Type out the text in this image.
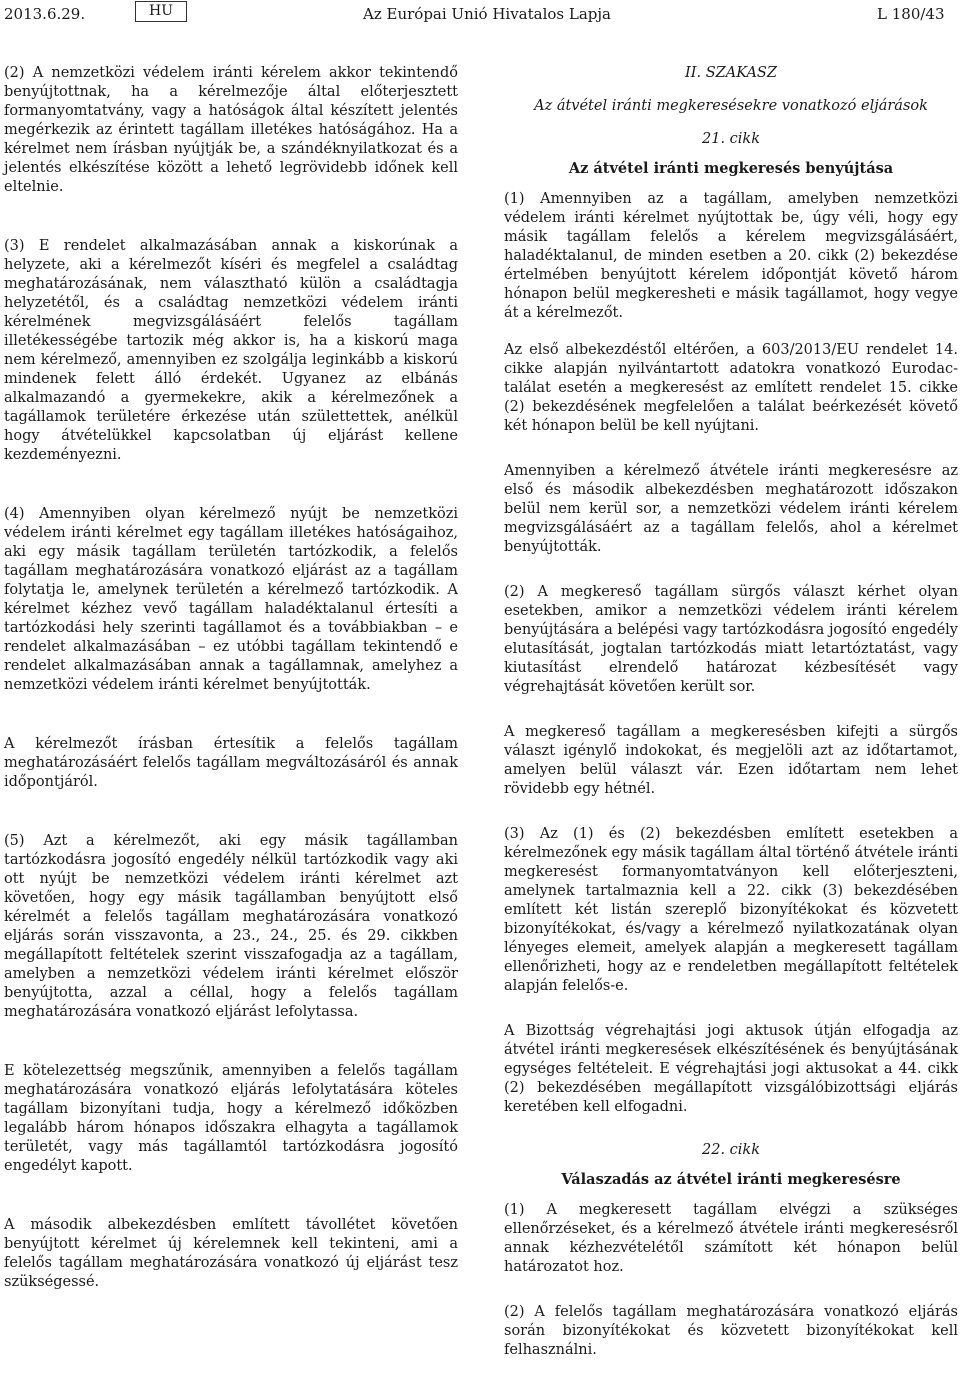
2013.6.29.	HU	Az Európai Unió Hivatalos Lapja	L 180/43

(2) A nemzetközi védelem iránti kérelem akkor tekintendő benyújtottnak, ha a kérelmezője által előterjesztett formanyomtatvány, vagy a hatóságok által készített jelentés megérkezik az érintett tagállam illetékes hatóságához. Ha a kérelmet nem írásban nyújtják be, a szándéknyilatkozat és a jelentés elkészítése között a lehető legrövidebb időnek kell eltelnie.

(3) E rendelet alkalmazásában annak a kiskorúnak a helyzete, aki a kérelmezőt kíséri és megfelel a családtag meghatározásának, nem választható külön a családtagja helyzetétől, és a családtag nemzetközi védelem iránti kérelmének megvizsgálásáért felelős tagállam illetékességébe tartozik még akkor is, ha a kiskorú maga nem kérelmező, amennyiben ez szolgálja leginkább a kiskorú mindenek felett álló érdekét. Ugyanez az elbánás alkalmazandó a gyermekekre, akik a kérelmezőnek a tagállamok területére érkezése után születtettek, anélkül hogy átvételükkel kapcsolatban új eljárást kellene kezdeményezni.

(4) Amennyiben olyan kérelmező nyújt be nemzetközi védelem iránti kérelmet egy tagállam illetékes hatóságaihoz, aki egy másik tagállam területén tartózkodik, a felelős tagállam meghatározására vonatkozó eljárást az a tagállam folytatja le, amelynek területén a kérelmező tartózkodik. A kérelmet kézhez vevő tagállam haladéktalanul értesíti a tartózkodási hely szerinti tagállamot és a továbbiakban – e rendelet alkalmazásában – ez utóbbi tagállam tekintendő e rendelet alkalmazásában annak a tagállamnak, amelyhez a nemzetközi védelem iránti kérelmet benyújtották.

A kérelmezőt írásban értesítik a felelős tagállam meghatározásáért felelős tagállam megváltozásáról és annak időpontjáról.

(5) Azt a kérelmezőt, aki egy másik tagállamban tartózkodásra jogosító engedély nélkül tartózkodik vagy aki ott nyújt be nemzetközi védelem iránti kérelmet azt követően, hogy egy másik tagállamban benyújtott első kérelmét a felelős tagállam meghatározására vonatkozó eljárás során visszavonta, a 23., 24., 25. és 29. cikkben megállapított feltételek szerint visszafogadja az a tagállam, amelyben a nemzetközi védelem iránti kérelmet először benyújtotta, azzal a céllal, hogy a felelős tagállam meghatározására vonatkozó eljárást lefolytassa.

E kötelezettség megszűnik, amennyiben a felelős tagállam meghatározására vonatkozó eljárás lefolytatására köteles tagállam bizonyítani tudja, hogy a kérelmező időközben legalább három hónapos időszakra elhagyta a tagállamok területét, vagy más tagállamtól tartózkodásra jogosító engedélyt kapott.

A második albekezdésben említett távollétet követően benyújtott kérelmet új kérelemnek kell tekinteni, ami a felelős tagállam meghatározására vonatkozó új eljárást tesz szükségessé.

II. SZAKASZ

Az átvétel iránti megkeresésekre vonatkozó eljárások

21. cikk

Az átvétel iránti megkeresés benyújtása

(1) Amennyiben az a tagállam, amelyben nemzetközi védelem iránti kérelmet nyújtottak be, úgy véli, hogy egy másik tagállam felelős a kérelem megvizsgálásáért, haladéktalanul, de minden esetben a 20. cikk (2) bekezdése értelmében benyújtott kérelem időpontját követő három hónapon belül megkeresheti e másik tagállamot, hogy vegye át a kérelmezőt.

Az első albekezdéstől eltérően, a 603/2013/EU rendelet 14. cikke alapján nyilvántartott adatokra vonatkozó Eurodac-találat esetén a megkeresést az említett rendelet 15. cikke (2) bekezdésének megfelelően a találat beérkezését követő két hónapon belül be kell nyújtani.

Amennyiben a kérelmező átvétele iránti megkeresésre az első és második albekezdésben meghatározott időszakon belül nem kerül sor, a nemzetközi védelem iránti kérelem megvizsgálásáért az a tagállam felelős, ahol a kérelmet benyújtották.

(2) A megkereső tagállam sürgős választ kérhet olyan esetekben, amikor a nemzetközi védelem iránti kérelem benyújtására a belépési vagy tartózkodásra jogosító engedély elutasítását, jogtalan tartózkodás miatt letartóztatást, vagy kiutasítást elrendelő határozat kézbesítését vagy végrehajtását követően került sor.

A megkereső tagállam a megkeresésben kifejti a sürgős választ igénylő indokokat, és megjelöli azt az időtartamot, amelyen belül választ vár. Ezen időtartam nem lehet rövidebb egy hétnél.

(3) Az (1) és (2) bekezdésben említett esetekben a kérelmezőnek egy másik tagállam által történő átvétele iránti megkeresést formanyomtatványon kell előterjeszteni, amelynek tartalmaznia kell a 22. cikk (3) bekezdésében említett két listán szereplő bizonyítékokat és közvetett bizonyítékokat, és/vagy a kérelmező nyilatkozatának olyan lényeges elemeit, amelyek alapján a megkeresett tagállam ellenőrizheti, hogy az e rendeletben megállapított feltételek alapján felelős-e.

A Bizottság végrehajtási jogi aktusok útján elfogadja az átvétel iránti megkeresések elkészítésének és benyújtásának egységes feltételeit. E végrehajtási jogi aktusokat a 44. cikk (2) bekezdésében megállapított vizsgálóbizottsági eljárás keretében kell elfogadni.

22. cikk

Válaszadás az átvétel iránti megkeresésre

(1) A megkeresett tagállam elvégzi a szükséges ellenőrzéseket, és a kérelmező átvétele iránti megkeresésről annak kézhezvételétől számított két hónapon belül határozatot hoz.

(2) A felelős tagállam meghatározására vonatkozó eljárás során bizonyítékokat és közvetett bizonyítékokat kell felhasználni.
